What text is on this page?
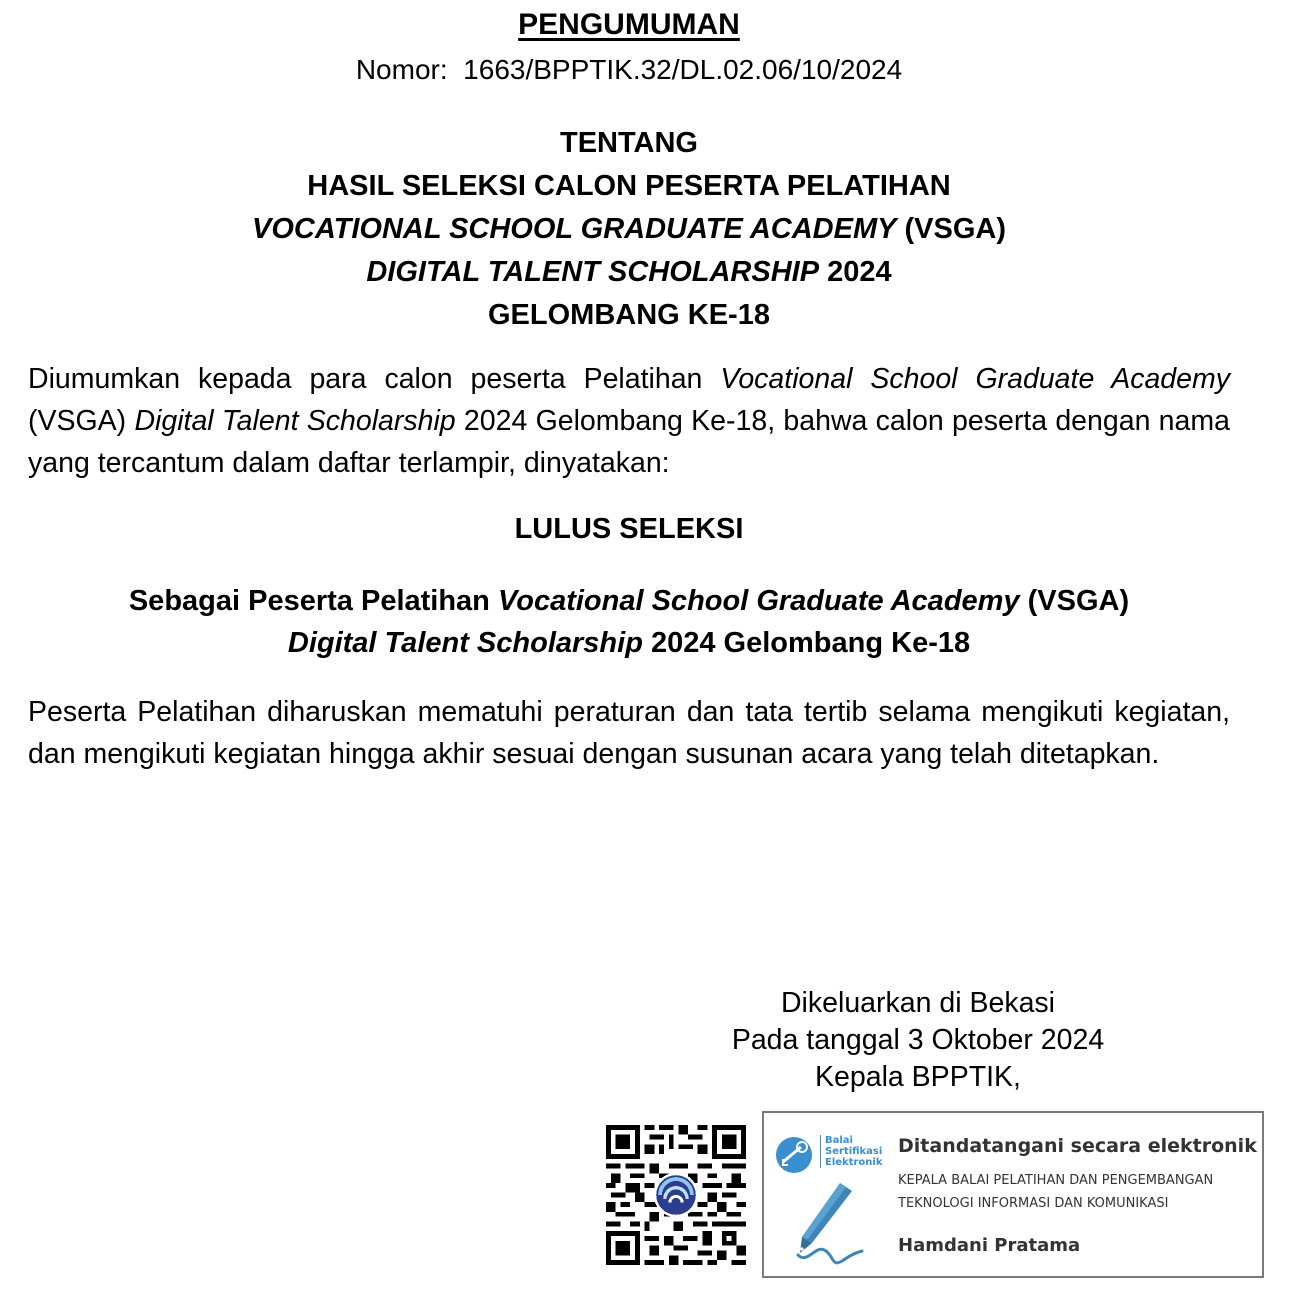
PENGUMUMAN
Nomor:  1663/BPPTIK.32/DL.02.06/10/2024
TENTANG
HASIL SELEKSI CALON PESERTA PELATIHAN
VOCATIONAL SCHOOL GRADUATE ACADEMY (VSGA)
DIGITAL TALENT SCHOLARSHIP 2024
GELOMBANG KE-18
Diumumkan kepada para calon peserta Pelatihan Vocational School Graduate Academy (VSGA) Digital Talent Scholarship 2024 Gelombang Ke-18, bahwa calon peserta dengan nama yang tercantum dalam daftar terlampir, dinyatakan:
LULUS SELEKSI
Sebagai Peserta Pelatihan Vocational School Graduate Academy (VSGA)
Digital Talent Scholarship 2024 Gelombang Ke-18
Peserta Pelatihan diharuskan mematuhi peraturan dan tata tertib selama mengikuti kegiatan, dan mengikuti kegiatan hingga akhir sesuai dengan susunan acara yang telah ditetapkan.
Dikeluarkan di Bekasi
Pada tanggal 3 Oktober 2024
Kepala BPPTIK,
Balai
Sertifikasi
Elektronik
Ditandatangani secara elektronik
KEPALA BALAI PELATIHAN DAN PENGEMBANGAN
TEKNOLOGI INFORMASI DAN KOMUNIKASI
Hamdani Pratama
